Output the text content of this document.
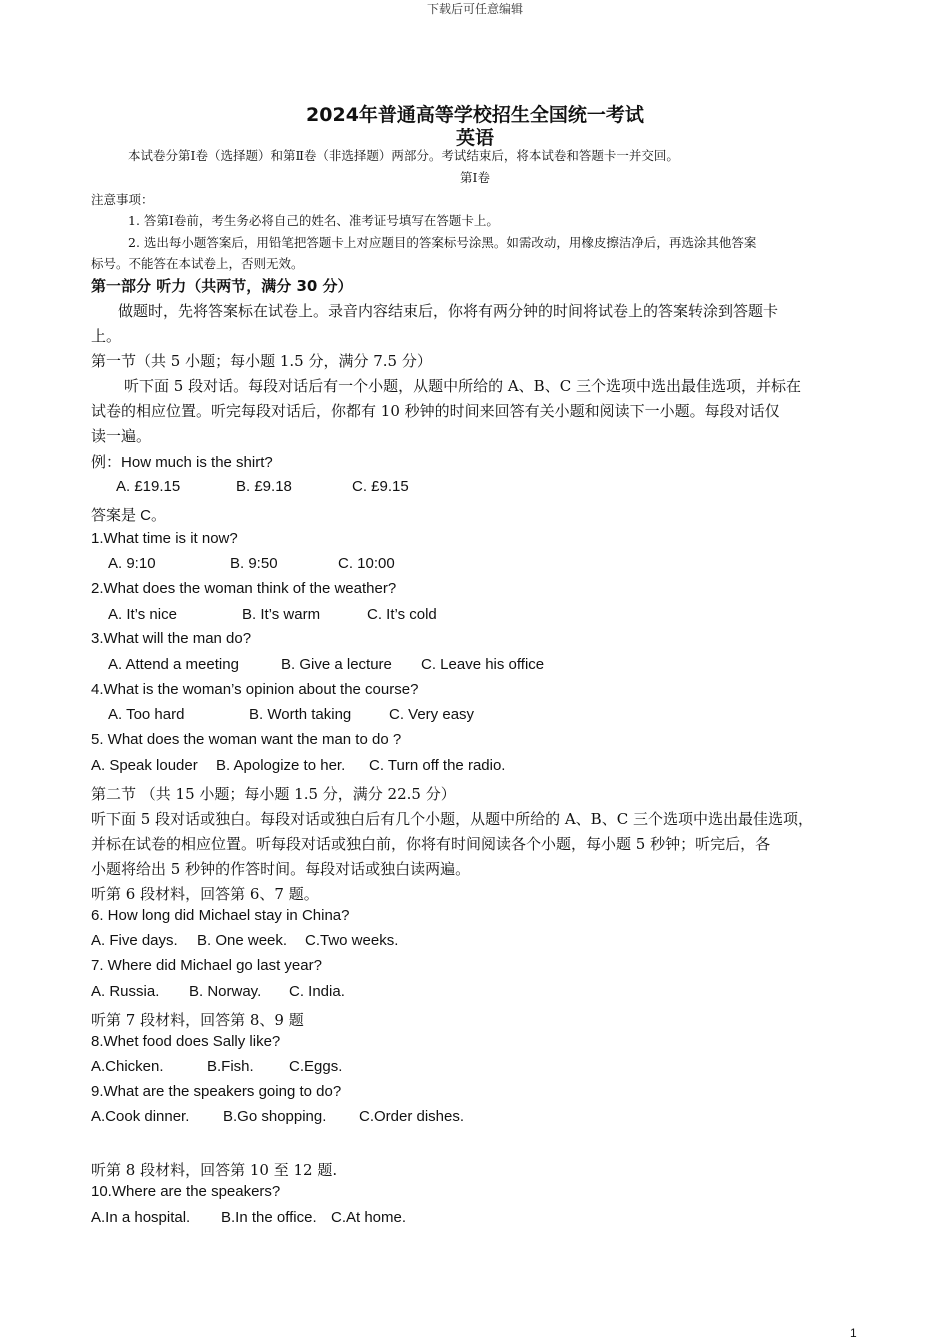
下载后可任意编辑
2024年普通高等学校招生全国统一考试
英语
本试卷分第Ⅰ卷（选择题）和第Ⅱ卷（非选择题）两部分。考试结束后，将本试卷和答题卡一并交回。
第Ⅰ卷
注意事项：
1. 答第Ⅰ卷前，考生务必将自己的姓名、准考证号填写在答题卡上。
2. 选出每小题答案后，用铅笔把答题卡上对应题目的答案标号涂黑。如需改动，用橡皮擦洁净后，再选涂其他答案
标号。不能答在本试卷上，否则无效。
第一部分 听力（共两节，满分 30 分）
做题时，先将答案标在试卷上。录音内容结束后，你将有两分钟的时间将试卷上的答案转涂到答题卡
上。
第一节（共 5 小题；每小题 1.5 分，满分 7.5 分）
听下面 5 段对话。每段对话后有一个小题，从题中所给的 A、B、C 三个选项中选出最佳选项，并标在
试卷的相应位置。听完每段对话后，你都有 10 秒钟的时间来回答有关小题和阅读下一小题。每段对话仅
读一遍。
例：How much is the shirt?
A. £19.15	B. £9.18	C. £9.15
答案是 C。
1.What time is it now?
A. 9:10	B. 9:50	C. 10:00
2.What does the woman think of the weather?
A. It’s nice	B. It’s warm	C. It’s cold
3.What will the man do?
A. Attend a meeting	B. Give a lecture C. Leave his office
4.What is the woman’s opinion about the course?
A. Too hard	B. Worth taking	C. Very easy
5. What does the woman want the man to do ?
A. Speak louder B. Apologize to her. C. Turn off the radio.
第二节 （共 15 小题；每小题 1.5 分，满分 22.5 分）
听下面 5 段对话或独白。每段对话或独白后有几个小题，从题中所给的 A、B、C 三个选项中选出最佳选项，
并标在试卷的相应位置。听每段对话或独白前，你将有时间阅读各个小题，每小题 5 秒钟；听完后，各
小题将给出 5 秒钟的作答时间。每段对话或独白读两遍。
听第 6 段材料，回答第 6、7 题。
6. How long did Michael stay in China?
A. Five days. B. One week. C.Two weeks.
7. Where did Michael go last year?
A. Russia. B. Norway. C. India.
听第 7 段材料，回答第 8、9 题
8.Whet food does Sally like?
A.Chicken.	B.Fish. C.Eggs.
9.What are the speakers going to do?
A.Cook dinner. B.Go shopping. C.Order dishes.
听第 8 段材料，回答第 10 至 12 题.
10.Where are the speakers?
A.In a hospital. B.In the office. C.At home.
1
